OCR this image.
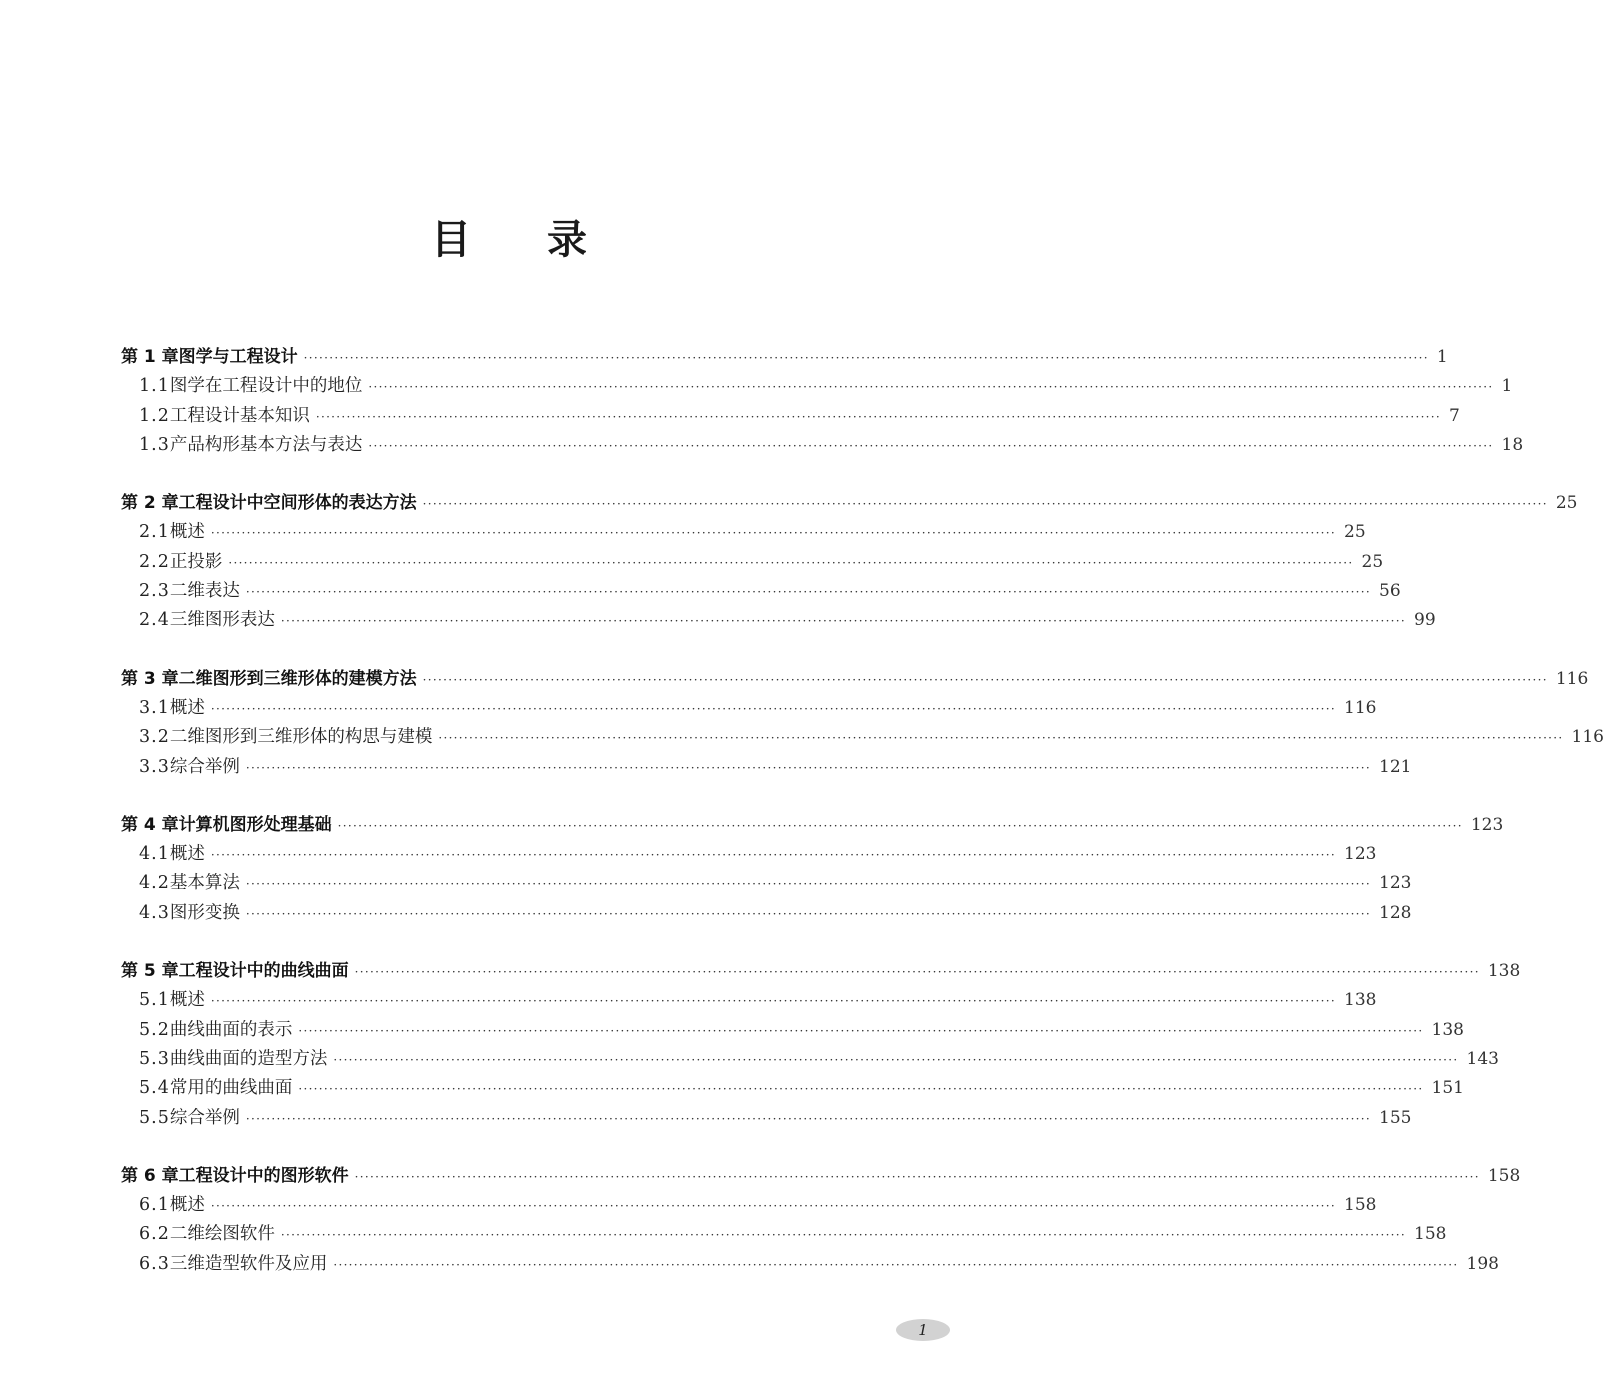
目 录
第 1 章 图学与工程设计 ···························································································································································································································· 1
1.1 图学在工程设计中的地位 ···························································································································································································································· 1
1.2 工程设计基本知识 ···························································································································································································································· 7
1.3 产品构形基本方法与表达 ···························································································································································································································· 18
第 2 章 工程设计中空间形体的表达方法 ···························································································································································································································· 25
2.1 概述 ···························································································································································································································· 25
2.2 正投影 ···························································································································································································································· 25
2.3 二维表达 ···························································································································································································································· 56
2.4 三维图形表达 ···························································································································································································································· 99
第 3 章 二维图形到三维形体的建模方法 ···························································································································································································································· 116
3.1 概述 ···························································································································································································································· 116
3.2 二维图形到三维形体的构思与建模 ···························································································································································································································· 116
3.3 综合举例 ···························································································································································································································· 121
第 4 章 计算机图形处理基础 ···························································································································································································································· 123
4.1 概述 ···························································································································································································································· 123
4.2 基本算法 ···························································································································································································································· 123
4.3 图形变换 ···························································································································································································································· 128
第 5 章 工程设计中的曲线曲面 ···························································································································································································································· 138
5.1 概述 ···························································································································································································································· 138
5.2 曲线曲面的表示 ···························································································································································································································· 138
5.3 曲线曲面的造型方法 ···························································································································································································································· 143
5.4 常用的曲线曲面 ···························································································································································································································· 151
5.5 综合举例 ···························································································································································································································· 155
第 6 章 工程设计中的图形软件 ···························································································································································································································· 158
6.1 概述 ···························································································································································································································· 158
6.2 二维绘图软件 ···························································································································································································································· 158
6.3 三维造型软件及应用 ···························································································································································································································· 198
1
